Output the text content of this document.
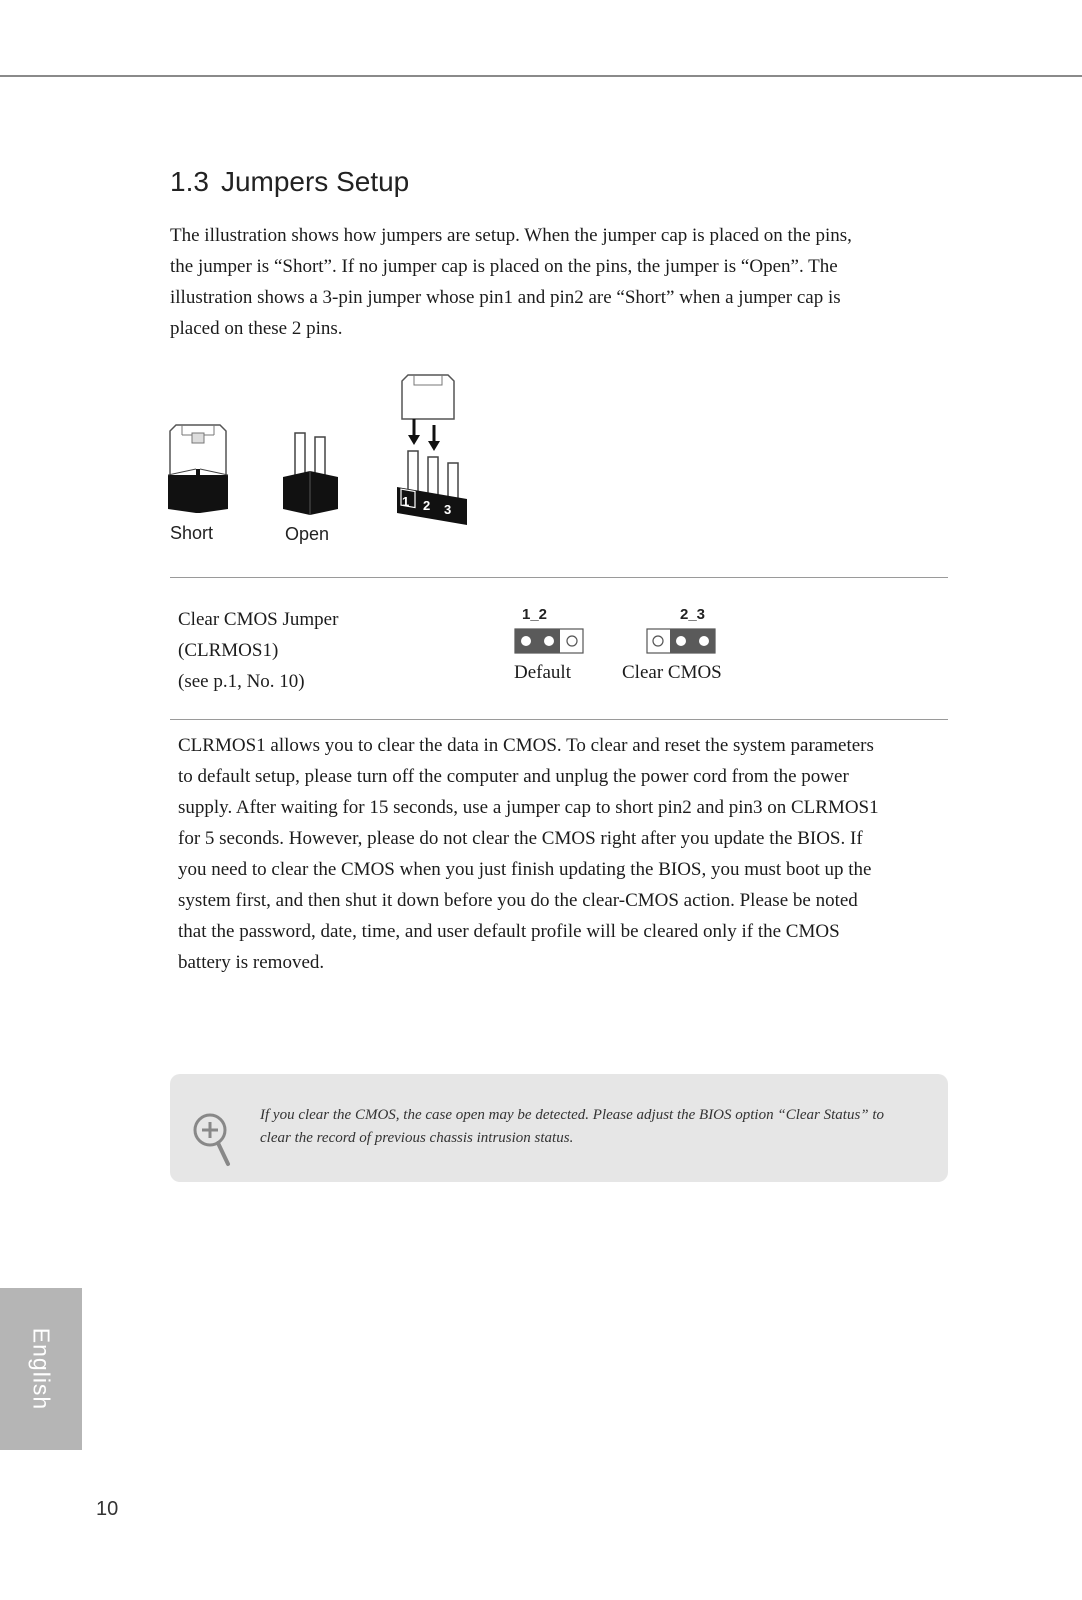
1.3 Jumpers Setup

The illustration shows how jumpers are setup. When the jumper cap is placed on the pins, the jumper is “Short”. If no jumper cap is placed on the pins, the jumper is “Open”. The illustration shows a 3-pin jumper whose pin1 and pin2 are “Short” when a jumper cap is placed on these 2 pins.

1 2 3
Short	Open
Clear CMOS Jumper
(CLRMOS1)
(see p.1, No. 10)
1_2
Default
2_3
Clear CMOS

CLRMOS1 allows you to clear the data in CMOS. To clear and reset the system parameters to default setup, please turn off the computer and unplug the power cord from the power supply. After waiting for 15 seconds, use a jumper cap to short pin2 and pin3 on CLRMOS1 for 5 seconds. However, please do not clear the CMOS right after you update the BIOS. If you need to clear the CMOS when you just finish updating the BIOS, you must boot up the system first, and then shut it down before you do the clear-CMOS action. Please be noted that the password, date, time, and user default profile will be cleared only if the CMOS battery is removed.

If you clear the CMOS, the case open may be detected. Please adjust the BIOS option “Clear Status” to clear the record of previous chassis intrusion status.

English
10
